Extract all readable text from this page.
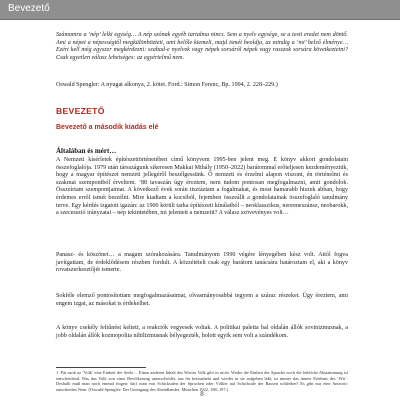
Bevezető
Számomra a ‘nép’ lelki egység… A nép szónak egyéb tartalma nincs. Sem a nyelv egysége, se a testi eredet nem döntő. Ami a népet a népességtől megkülönbözteti, ami belőle kiemeli, majd ismét beoldja, az mindig a ‘mi’ belső élménye… Ezért kell még egyszer megkérdezni: szabad-e nyelvek vagy népek sorsáról népek vagy rasszok sorsára következtetni? Csak egyetlen válasz lehetséges: az egyértelmű nem.
Oswald Spengler: A nyugat alkonya, 2. kötet. Ford.: Simon Ferenc, Bp. 1994, 2. 228–229.)
BEVEZETŐ
Bevezető a második kiadás elé
Általában és mért…
A Nemzeti kísérletek építészettörténetében című könyvem 1995-ben jelent meg. E könyv akkori gondolatain összefoglalója. 1979 után társszágunk sikeresen Makkai Mihály (1950–2022) barátommal erőteljesen kezdeményeztük, hogy a magyar építészet nemzeti jellegéről beszélgessünk. Ő nemzeti és érzelmi alapon viszont, én történelmi és szakmai szempontból érveltem. ’88 tavaszán úgy éreztem, nem tudom pontosan megfogalmazni, amit gondolok. Összeírtam szempontjaimat. A következő évek során tisztáztam a fogalmakat, és most hamarabb hiszek abban, hogy érdemes erről ismét beszélni. Mire kiadtam a kocsiból, fejemben összeállt a gondolatainak összefoglaló tanulmány terve. Egy kérdés izgatott igazán: az 1900 körüli tarka építészeti kínálatból – neoklasszikus, neoreneszánsz, neobarokk, a szecesszió irányzatai – nép tekintetében, mi jelentett a nemzetit? A válasz szövevényes volt…
Panasz- és köszönet… a magam szórakozására. Tanulmányom 1990 végére lényegében kész volt. Attól fogva javítgattam, de érdeklődésem részben fordult. A közzétételt csak egy barátom tanácsára határoztam el, aki a könyv rovatszerkesztőjét ismerte.
Sokféle elemző pontosítottam megfogalmazásaimat, olvasmányosabbá tegyem a száraz részeket. Úgy éreztem, ami engem izgat, az másokat is érdekelhet.
A könyv csekély feltűnést keltett, a reakciók vegyesek voltak. A politikai paletta bal oldalán állók sovinizmusnak, a jobb oldalán állók kozmopolita nihilizmusnak bélyegezték, holott egyik sem volt a szándékom.
1. Pár azok az ’Volk’ eine Einheit der Seele… Einen anderen Inhalt des Wortes Volk gibt es nicht. Weder die Einheit der Sprache noch die leibliche Abstammung ist entscheidend. Was das Volk von einer Bevölkerung unterscheidet, aus ihr heraushebt und wieder in sie aufgehen läßt, ist immer das innere Erlebnis des ’Wir’. Deshalb muß man noch einmal fragen: darf man von Schicksalen der Sprachen oder Völker auf Schicksale der Rassen schließen? Es gibt nur eine Antwort: entschieden Nein. (Oswald Spengler: Der Untergang des Abendlandes. München 1922, 188–197.)
8
